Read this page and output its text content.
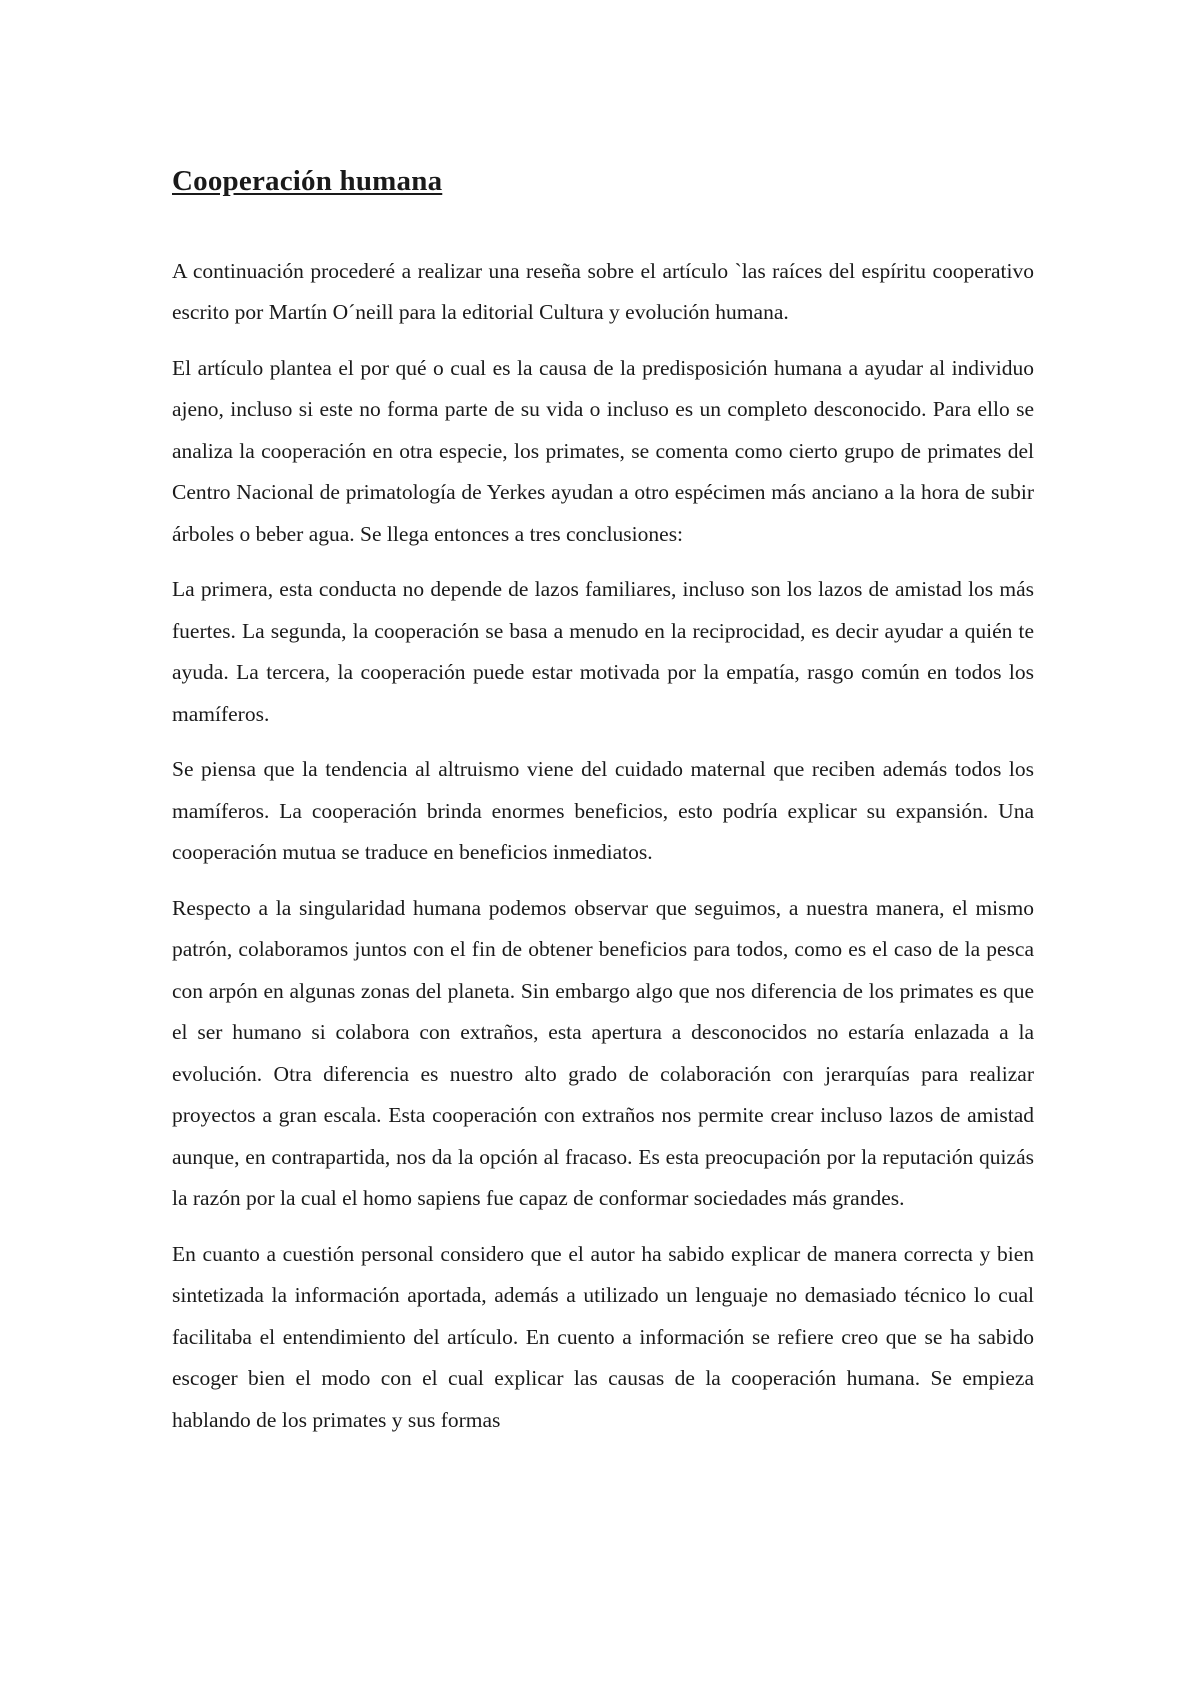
Cooperación humana

A continuación procederé a realizar una reseña sobre el artículo `las raíces del espíritu cooperativo escrito por Martín O´neill para la editorial Cultura y evolución humana.

El artículo plantea el por qué o cual es la causa de la predisposición humana a ayudar al individuo ajeno, incluso si este no forma parte de su vida o incluso es un completo desconocido. Para ello se analiza la cooperación en otra especie, los primates, se comenta como cierto grupo de primates del Centro Nacional de primatología de Yerkes ayudan a otro espécimen más anciano a la hora de subir árboles o beber agua. Se llega entonces a tres conclusiones:

La primera, esta conducta no depende de lazos familiares, incluso son los lazos de amistad los más fuertes. La segunda, la cooperación se basa a menudo en la reciprocidad, es decir ayudar a quién te ayuda. La tercera, la cooperación puede estar motivada por la empatía, rasgo común en todos los mamíferos.

Se piensa que la tendencia al altruismo viene del cuidado maternal que reciben además todos los mamíferos. La cooperación brinda enormes beneficios, esto podría explicar su expansión. Una cooperación mutua se traduce en beneficios inmediatos.

Respecto a la singularidad humana podemos observar que seguimos, a nuestra manera, el mismo patrón, colaboramos juntos con el fin de obtener beneficios para todos, como es el caso de la pesca con arpón en algunas zonas del planeta. Sin embargo algo que nos diferencia de los primates es que el ser humano si colabora con extraños, esta apertura a desconocidos no estaría enlazada a la evolución. Otra diferencia es nuestro alto grado de colaboración con jerarquías para realizar proyectos a gran escala. Esta cooperación con extraños nos permite crear incluso lazos de amistad aunque, en contrapartida, nos da la opción al fracaso. Es esta preocupación por la reputación quizás la razón por la cual el homo sapiens fue capaz de conformar sociedades más grandes.

En cuanto a cuestión personal considero que el autor ha sabido explicar de manera correcta y bien sintetizada la información aportada, además a utilizado un lenguaje no demasiado técnico lo cual facilitaba el entendimiento del artículo. En cuento a información se refiere creo que se ha sabido escoger bien el modo con el cual explicar las causas de la cooperación humana. Se empieza hablando de los primates y sus formas
